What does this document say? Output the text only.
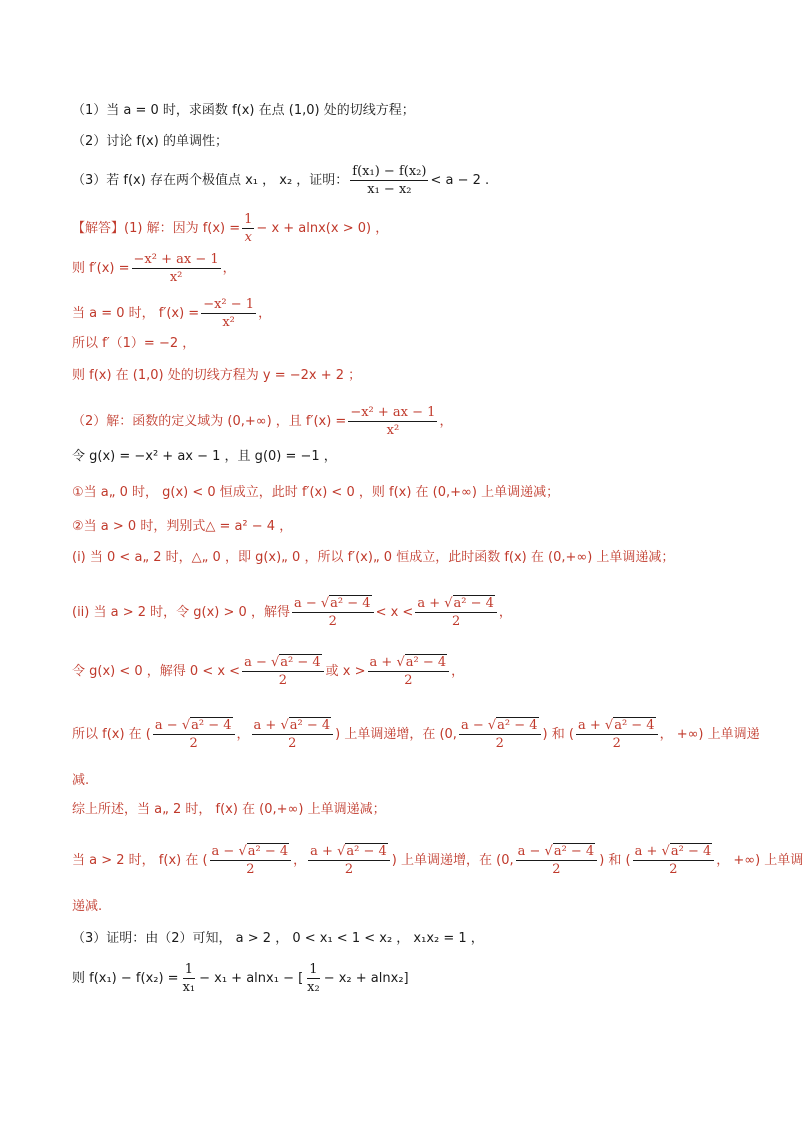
（1）当 a = 0 时，求函数 f(x) 在点 (1,0) 处的切线方程；
（2）讨论 f(x) 的单调性；
（3）若 f(x) 存在两个极值点 x₁ ， x₂ ，证明： $\frac{\text{f(x₁) − f(x₂)}}{\text{x₁ − x₂}} < a - 2$ .
【解答】 (1) 解：因为 $f(x) = \frac{1}{x} - x + alnx(x > 0)$ ，
则 $f'(x) = \frac{\text{−x² + ax − 1}}{\text{x²}}$ ，
当 a = 0 时， $f'(x) = \frac{\text{−x² − 1}}{\text{x²}}$ ，
所以 f′（1）= −2 ，
则 f(x) 在 (1,0) 处的切线方程为 y = −2x + 2 ；
（2）解：函数的定义域为 (0,+∞) ，且 $f'(x) = \frac{\text{−x² + ax − 1}}{\text{x²}}$ ，
令 g(x) = −x² + ax − 1 ，且 g(0) = −1 ，
①当 a„ 0 时， g(x) < 0 恒成立，此时 f′(x) < 0 ，则 f(x) 在 (0,+∞) 上单调递减；
②当 a > 0 时，判别式△ = a² − 4 ，
(i) 当 0 < a„ 2 时，△„ 0 ，即 g(x)„ 0 ，所以 f′(x)„ 0 恒成立，此时函数 f(x) 在 (0,+∞) 上单调递减；
(ii) 当 a > 2 时，令 g(x) > 0 ，解得 $\frac{\text{a − √a² − 4}}{2} < x < \frac{\text{a + √a² − 4}}{2}$ ，
令 g(x) < 0 ，解得 $0 < x < \frac{\text{a − √a² − 4}}{2}$ 或 $x > \frac{\text{a + √a² − 4}}{2}$ ，
所以 f(x) 在 ( $\frac{\text{a − √a² − 4}}{2}$ ， $\frac{\text{a + √a² − 4}}{2}$ ) 上单调递增，在 (0, $\frac{\text{a − √a² − 4}}{2}$ ) 和 ( $\frac{\text{a + √a² − 4}}{2}$ ， +∞) 上单调递
减.
综上所述，当 a„ 2 时， f(x) 在 (0,+∞) 上单调递减；
当 a > 2 时， f(x) 在 ( $\frac{\text{a − √a² − 4}}{2}$ ， $\frac{\text{a + √a² − 4}}{2}$ ) 上单调递增，在 (0, $\frac{\text{a − √a² − 4}}{2}$ ) 和 ( $\frac{\text{a + √a² − 4}}{2}$ ， +∞) 上单调
递减.
（3）证明：由（2）可知， a > 2 ， 0 < x₁ < 1 < x₂ ， x₁x₂ = 1 ，
则 $f(x_1) - f(x_2) = \frac{1}{\text{x₁}} - x_1 + alnx_1$ − [ $\frac{1}{\text{x₂}} - x_2 + alnx_2$]
